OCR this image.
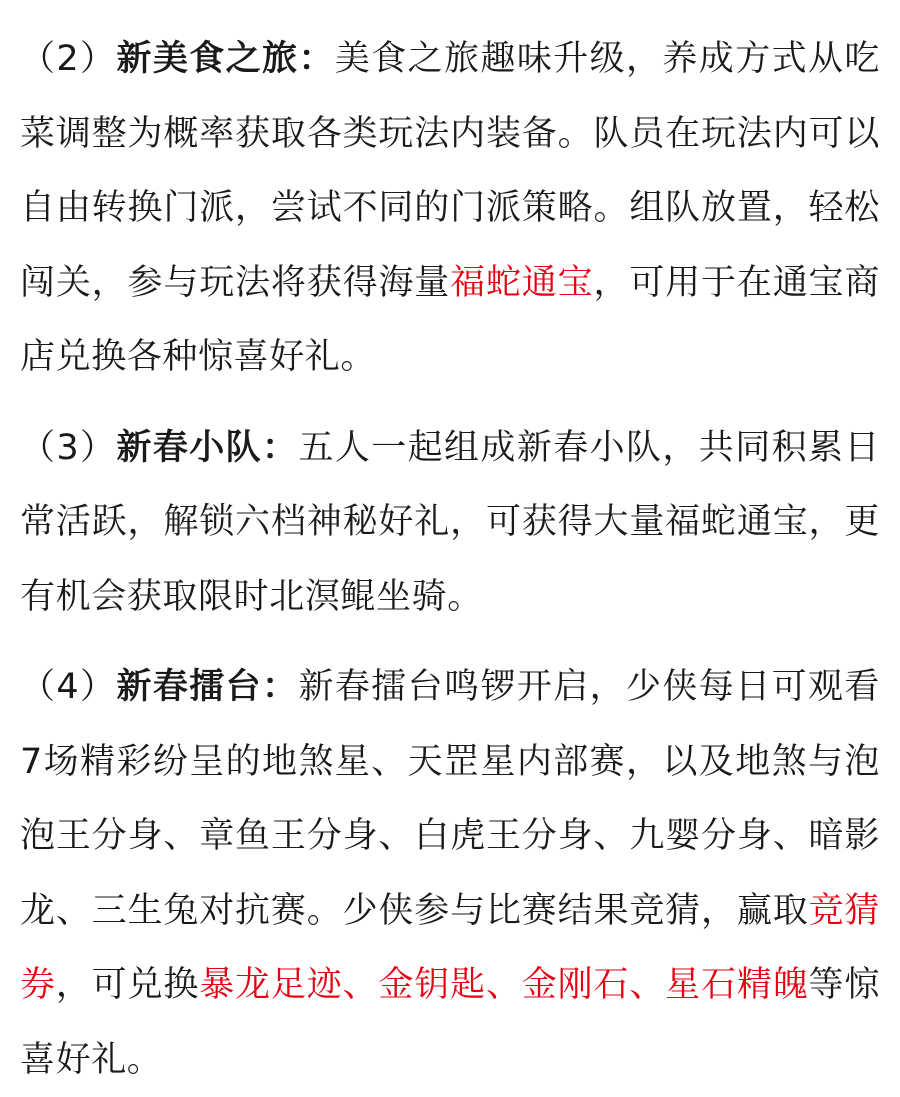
（2）新美食之旅：美食之旅趣味升级，养成方式从吃菜调整为概率获取各类玩法内装备。队员在玩法内可以自由转换门派，尝试不同的门派策略。组队放置，轻松闯关，参与玩法将获得海量福蛇通宝，可用于在通宝商店兑换各种惊喜好礼。

（3）新春小队：五人一起组成新春小队，共同积累日常活跃，解锁六档神秘好礼，可获得大量福蛇通宝，更有机会获取限时北溟鲲坐骑。

（4）新春擂台：新春擂台鸣锣开启，少侠每日可观看7场精彩纷呈的地煞星、天罡星内部赛，以及地煞与泡泡王分身、章鱼王分身、白虎王分身、九婴分身、暗影龙、三生兔对抗赛。少侠参与比赛结果竞猜，赢取竞猜券，可兑换暴龙足迹、金钥匙、金刚石、星石精魄等惊喜好礼。
